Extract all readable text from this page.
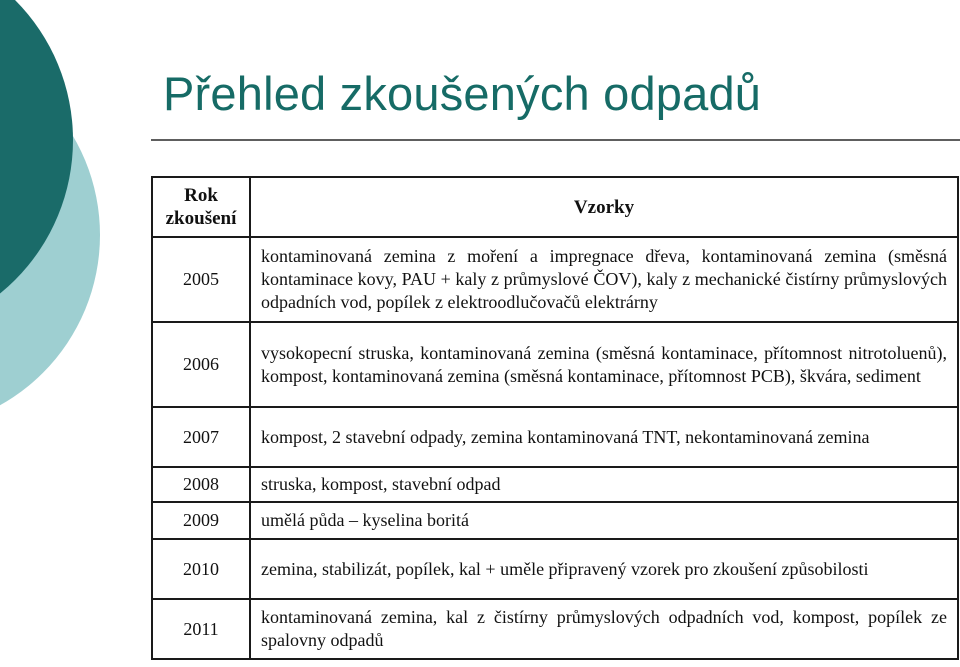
Přehled zkoušených odpadů
Rok zkoušení	Vzorky
2005	kontaminovaná zemina z moření a impregnace dřeva, kontaminovaná zemina (směsná kontaminace kovy, PAU + kaly z průmyslové ČOV), kaly z mechanické čistírny průmyslových odpadních vod, popílek z elektroodlučovačů elektrárny
2006	vysokopecní struska, kontaminovaná zemina (směsná kontaminace, přítomnost nitrotoluenů), kompost, kontaminovaná zemina (směsná kontaminace, přítomnost PCB), škvára, sediment
2007	kompost, 2 stavební odpady, zemina kontaminovaná TNT, nekontaminovaná zemina
2008	struska, kompost, stavební odpad
2009	umělá půda – kyselina boritá
2010	zemina, stabilizát, popílek, kal + uměle připravený vzorek pro zkoušení způsobilosti
2011	kontaminovaná zemina, kal z čistírny průmyslových odpadních vod, kompost, popílek ze spalovny odpadů
